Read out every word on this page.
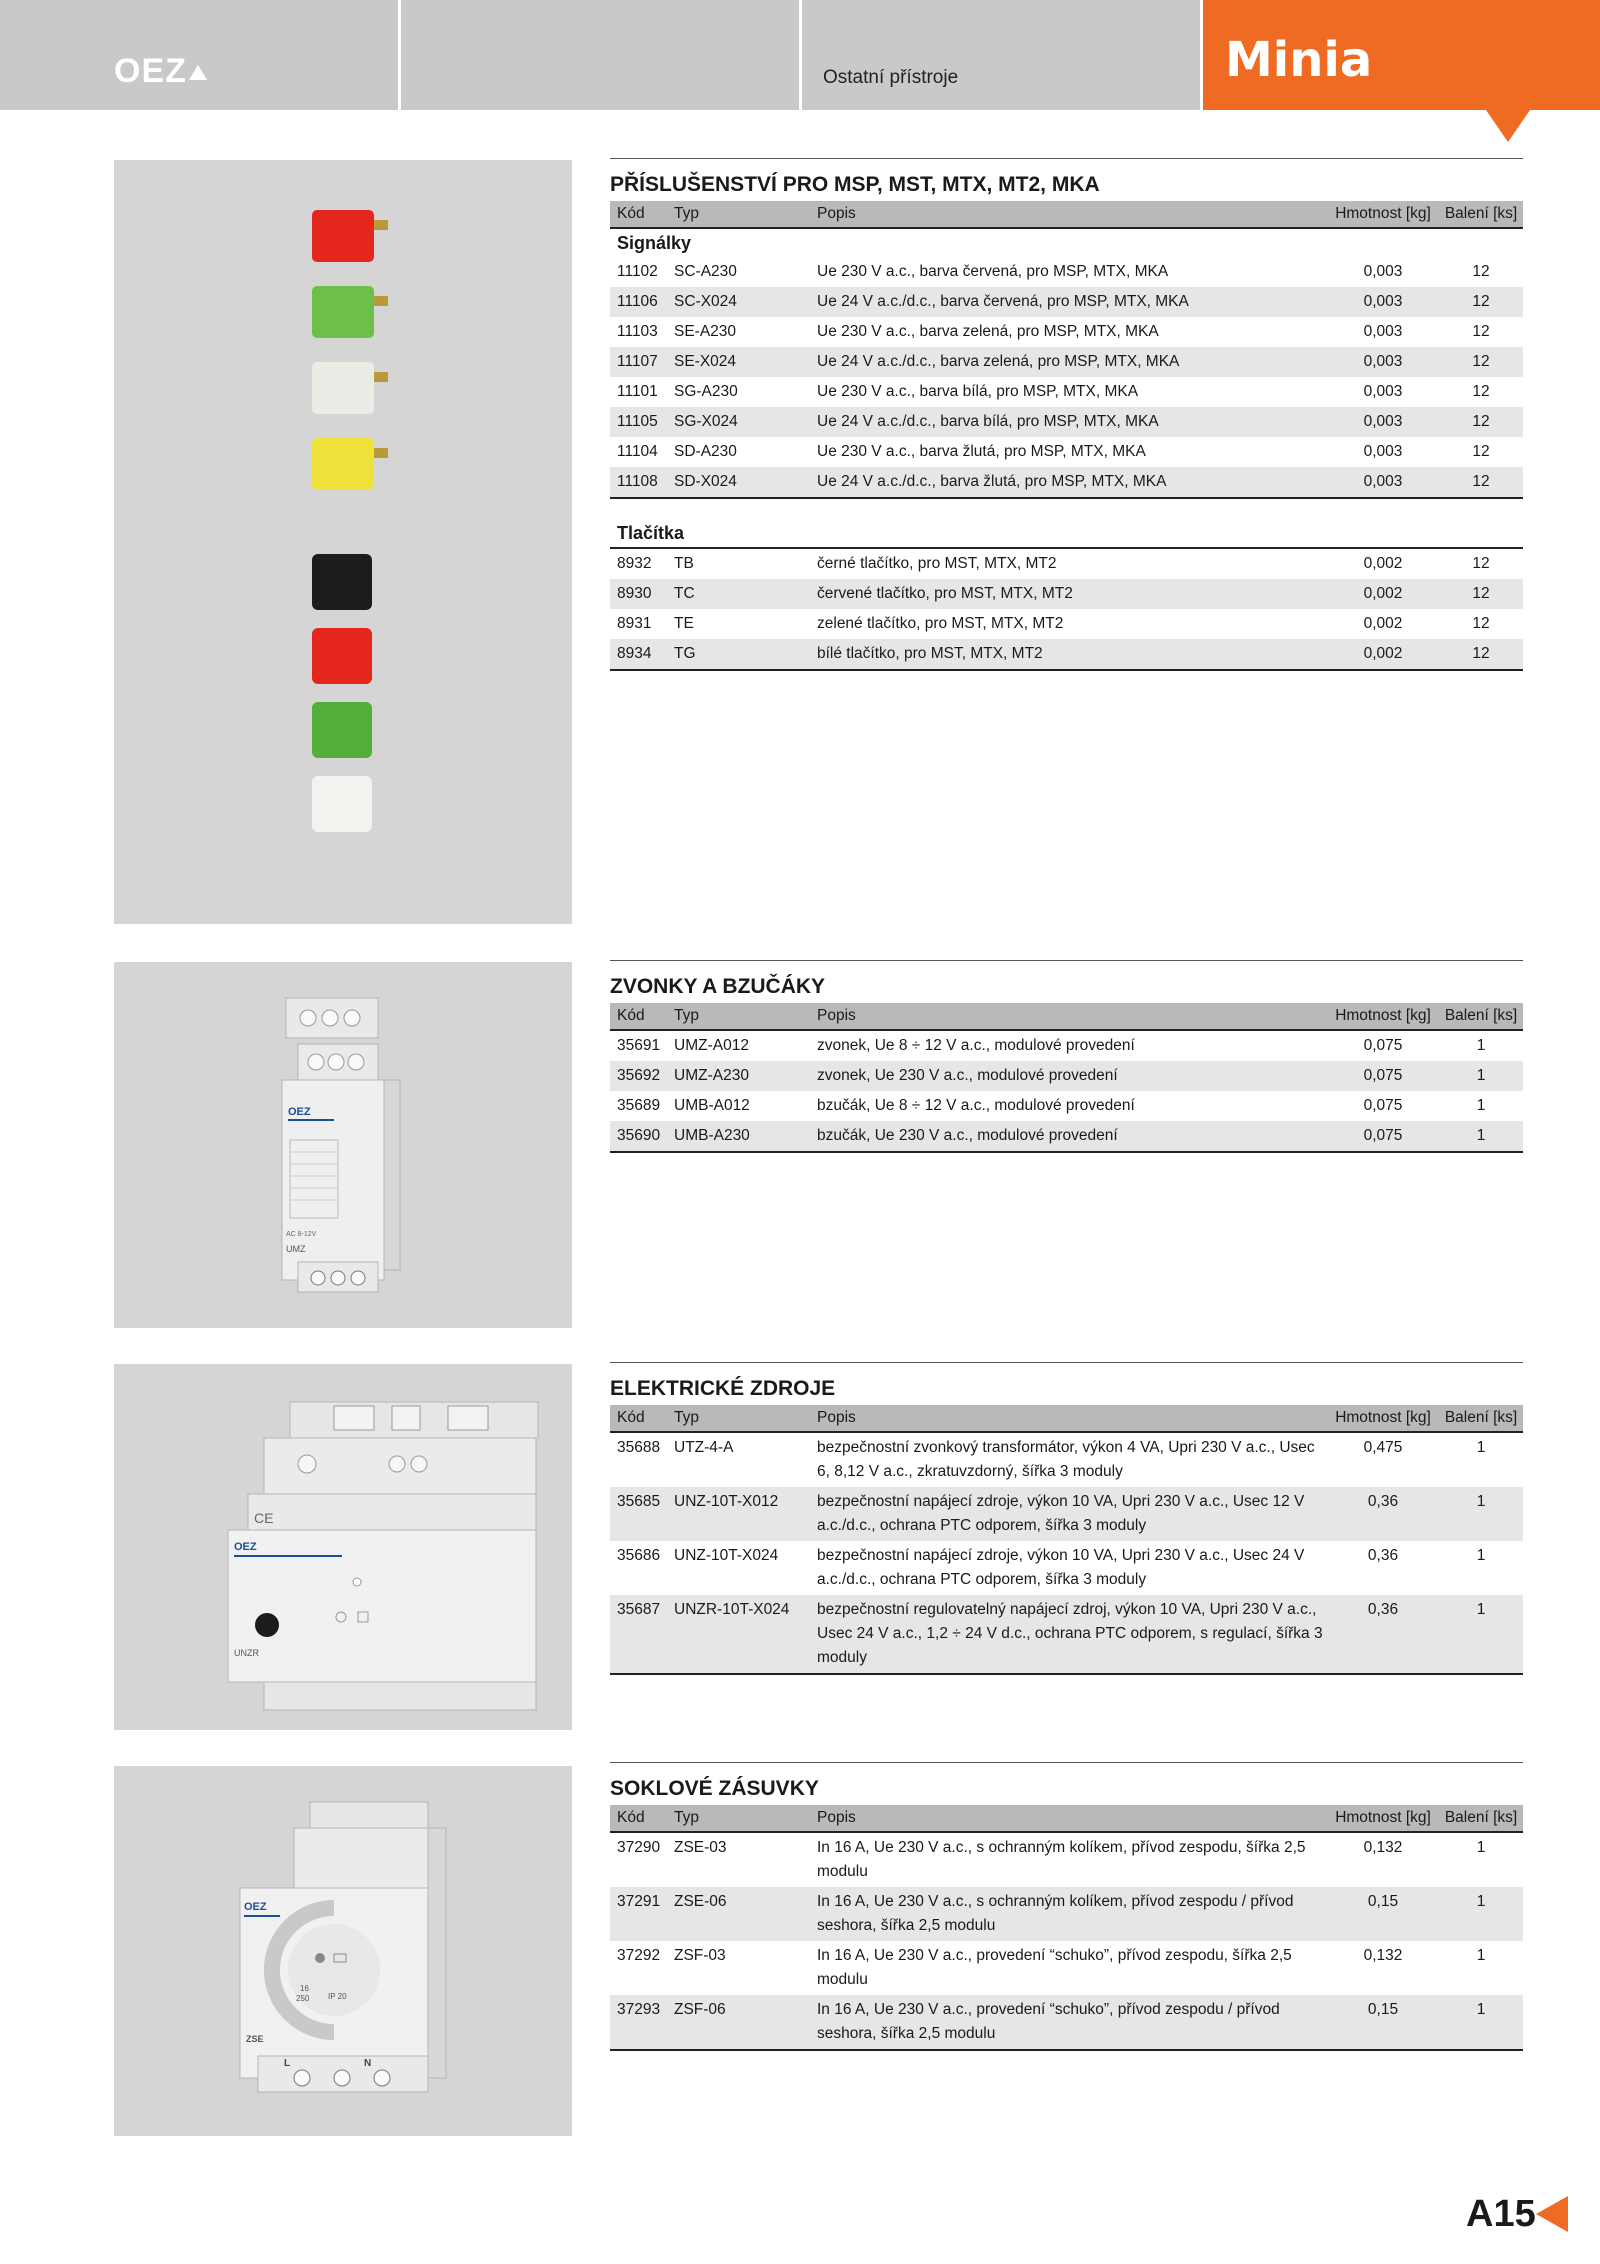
OEZ	Ostatní přístroje	Minia
PŘÍSLUŠENSTVÍ PRO MSP, MST, MTX, MT2, MKA
Kód	Typ	Popis	Hmotnost [kg]	Balení [ks]
Signálky				
11102	SC-A230	Ue 230 V a.c., barva červená, pro MSP, MTX, MKA	0,003	12
11106	SC-X024	Ue 24 V a.c./d.c., barva červená, pro MSP, MTX, MKA	0,003	12
11103	SE-A230	Ue 230 V a.c., barva zelená, pro MSP, MTX, MKA	0,003	12
11107	SE-X024	Ue 24 V a.c./d.c., barva zelená, pro MSP, MTX, MKA	0,003	12
11101	SG-A230	Ue 230 V a.c., barva bílá, pro MSP, MTX, MKA	0,003	12
11105	SG-X024	Ue 24 V a.c./d.c., barva bílá, pro MSP, MTX, MKA	0,003	12
11104	SD-A230	Ue 230 V a.c., barva žlutá, pro MSP, MTX, MKA	0,003	12
11108	SD-X024	Ue 24 V a.c./d.c., barva žlutá, pro MSP, MTX, MKA	0,003	12

Tlačítka				
8932	TB	černé tlačítko, pro MST, MTX, MT2	0,002	12
8930	TC	červené tlačítko, pro MST, MTX, MT2	0,002	12
8931	TE	zelené tlačítko, pro MST, MTX, MT2	0,002	12
8934	TG	bílé tlačítko, pro MST, MTX, MT2	0,002	12
OEZ
AC 8-12V
UMZ
ZVONKY A BZUČÁKY
Kód	Typ	Popis	Hmotnost [kg]	Balení [ks]
35691	UMZ-A012	zvonek, Ue 8 ÷ 12 V a.c., modulové provedení	0,075	1
35692	UMZ-A230	zvonek, Ue 230 V a.c., modulové provedení	0,075	1
35689	UMB-A012	bzučák, Ue 8 ÷ 12 V a.c., modulové provedení	0,075	1
35690	UMB-A230	bzučák, Ue 230 V a.c., modulové provedení	0,075	1
CE
OEZ
UNZR
ELEKTRICKÉ ZDROJE
Kód	Typ	Popis	Hmotnost [kg]	Balení [ks]
35688	UTZ-4-A	bezpečnostní zvonkový transformátor, výkon 4 VA, Upri 230 V a.c., Usec 6, 8,12 V a.c., zkratuvzdorný, šířka 3 moduly	0,475	1
35685	UNZ-10T-X012	bezpečnostní napájecí zdroje, výkon 10 VA, Upri 230 V a.c., Usec 12 V a.c./d.c., ochrana PTC odporem, šířka 3 moduly	0,36	1
35686	UNZ-10T-X024	bezpečnostní napájecí zdroje, výkon 10 VA, Upri 230 V a.c., Usec 24 V a.c./d.c., ochrana PTC odporem, šířka 3 moduly	0,36	1
35687	UNZR-10T-X024	bezpečnostní regulovatelný napájecí zdroj, výkon 10 VA, Upri 230 V a.c., Usec 24 V a.c., 1,2 ÷ 24 V d.c., ochrana PTC odporem, s regulací, šířka 3 moduly	0,36	1
OEZ
16
250 IP 20
ZSE
L	N
SOKLOVÉ ZÁSUVKY
Kód	Typ	Popis	Hmotnost [kg]	Balení [ks]
37290	ZSE-03	In 16 A, Ue 230 V a.c., s ochranným kolíkem, přívod zespodu, šířka 2,5 modulu	0,132	1
37291	ZSE-06	In 16 A, Ue 230 V a.c., s ochranným kolíkem, přívod zespodu / přívod seshora, šířka 2,5 modulu	0,15	1
37292	ZSF-03	In 16 A, Ue 230 V a.c., provedení “schuko”, přívod zespodu, šířka 2,5 modulu	0,132	1
37293	ZSF-06	In 16 A, Ue 230 V a.c., provedení “schuko”, přívod zespodu / přívod seshora, šířka 2,5 modulu	0,15	1
A15
